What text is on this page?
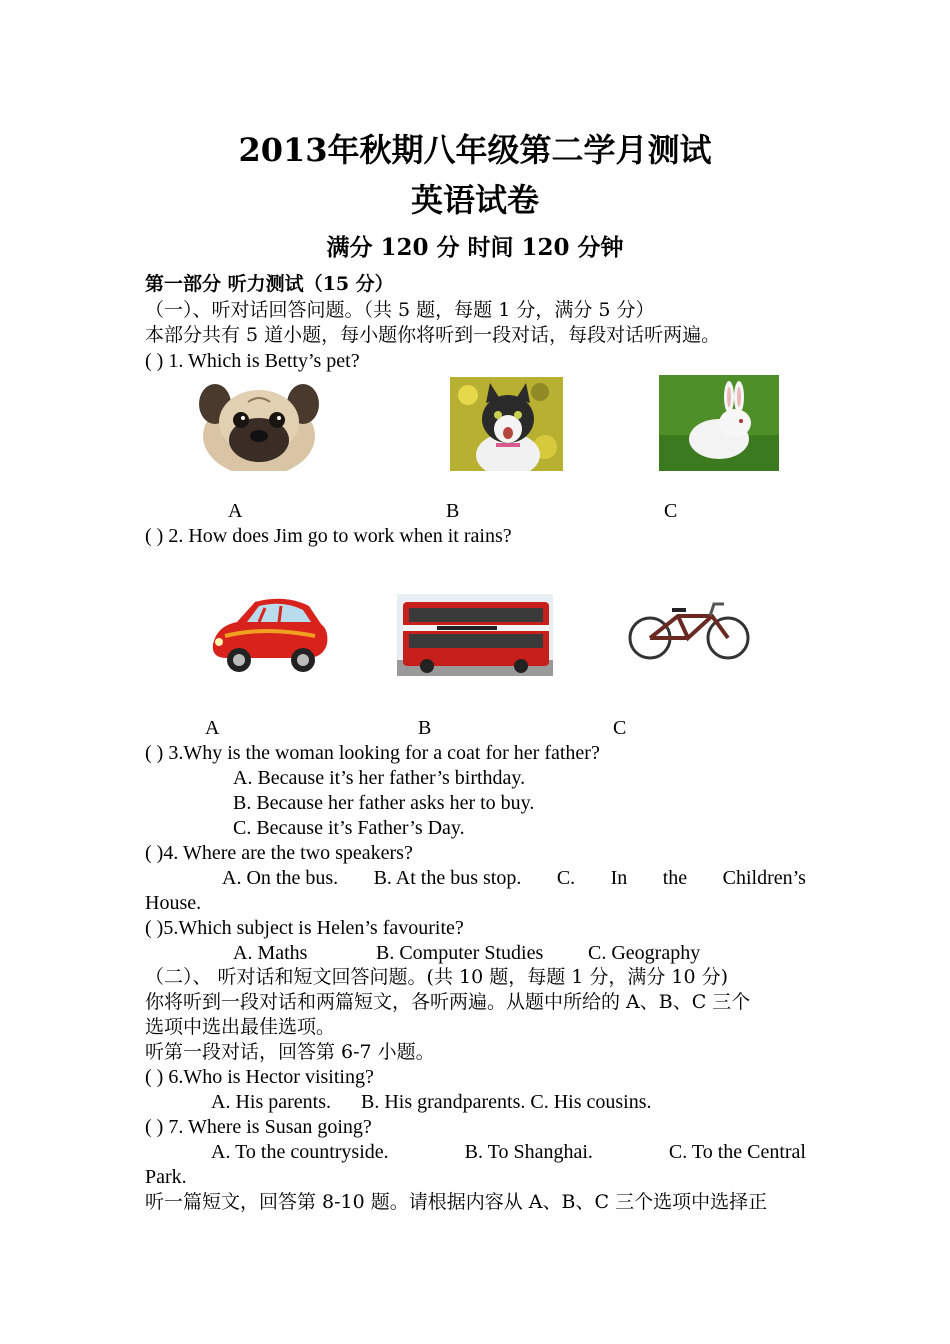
2013年秋期八年级第二学月测试
英语试卷
满分 120 分 时间 120 分钟
第一部分 听力测试（15 分）
（一）、听对话回答问题。（共 5 题，每题 1 分，满分 5 分）
本部分共有 5 道小题，每小题你将听到一段对话，每段对话听两遍。
( ) 1. Which is Betty’s pet?
A	B	C
( ) 2. How does Jim go to work when it rains?
A	B	C
( ) 3.Why is the woman looking for a coat for her father?
A. Because it’s her father’s birthday.
B. Because her father asks her to buy.
C. Because it’s Father’s Day.
( )4. Where are the two speakers?
A. On the bus. B. At the bus stop. C. In the Children’s
House.
( )5.Which subject is Helen’s favourite?
A. Maths	B. Computer Studies C. Geography
（二）、 听对话和短文回答问题。(共 10 题，每题 1 分，满分 10 分)
你将听到一段对话和两篇短文，各听两遍。从题中所给的 A、B、C 三个
选项中选出最佳选项。
听第一段对话，回答第 6-7 小题。
( ) 6.Who is Hector visiting?
A. His parents.      B. His grandparents. C. His cousins.
( ) 7. Where is Susan going?
A. To the countryside.	B. To Shanghai.	C. To the Central
Park.
听一篇短文，回答第 8-10 题。请根据内容从 A、B、C 三个选项中选择正
